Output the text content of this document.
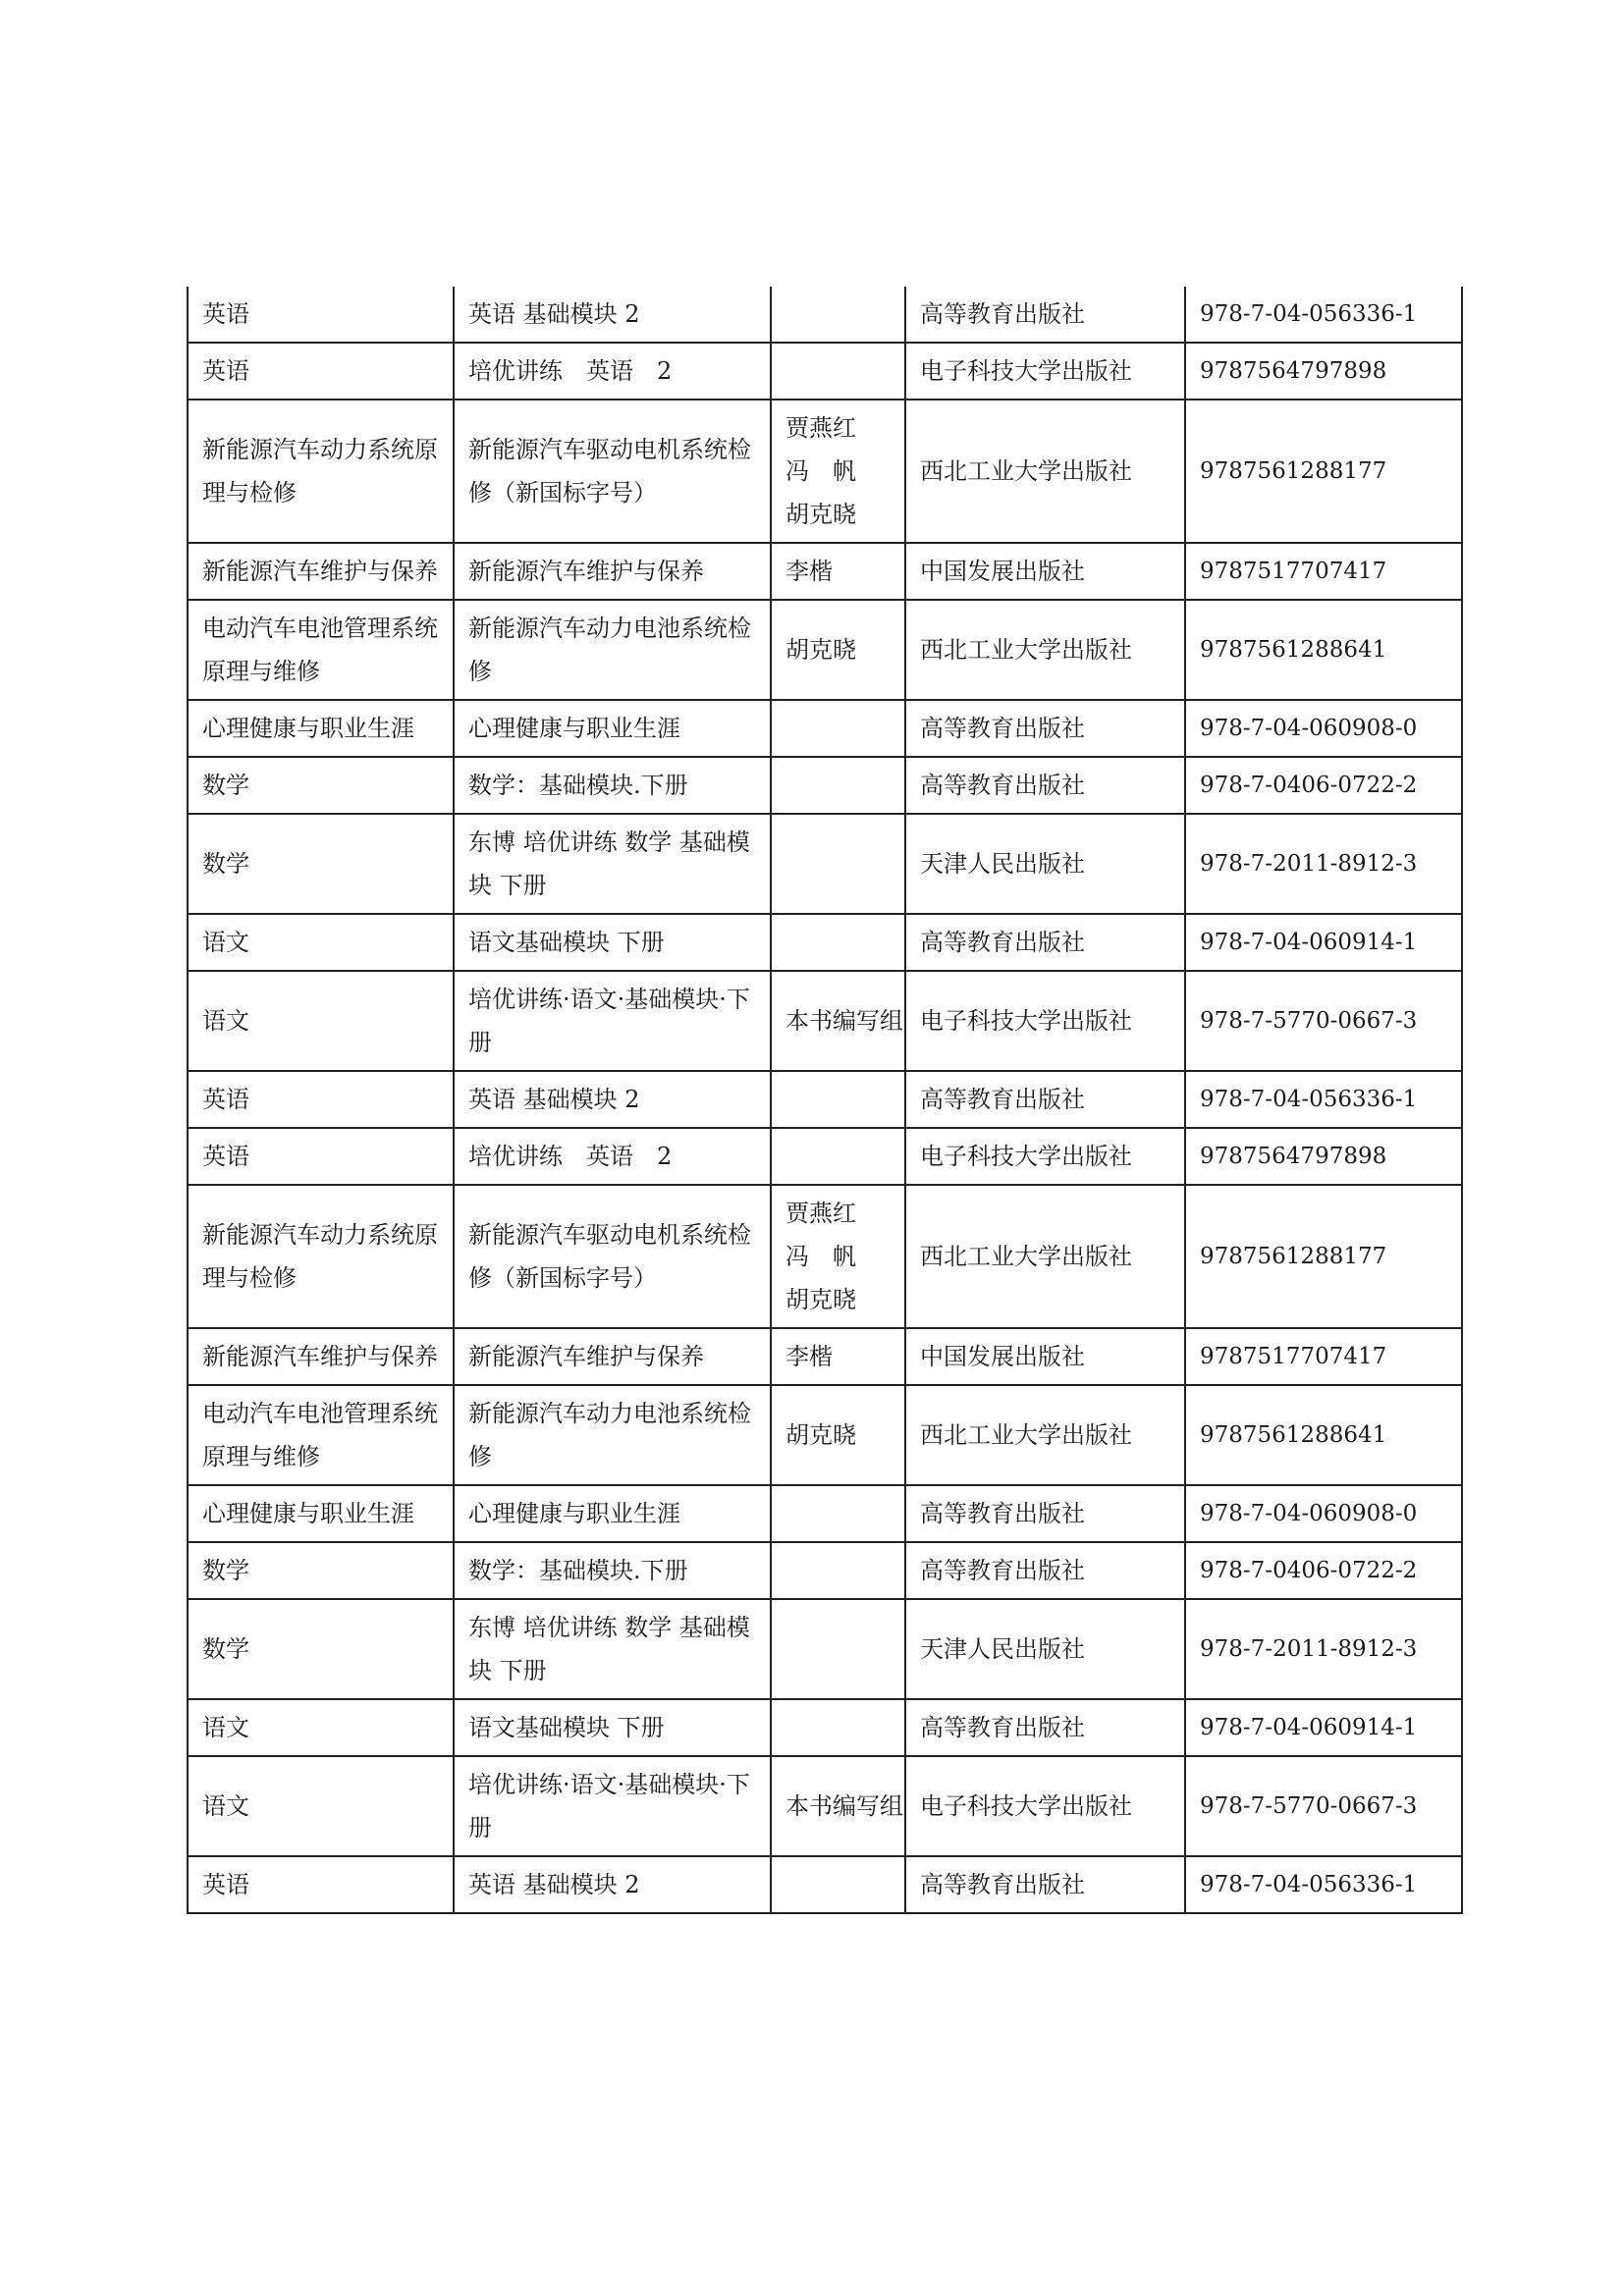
英语	英语 基础模块 2		高等教育出版社	978-7-04-056336-1
英语	培优讲练　英语　2		电子科技大学出版社	9787564797898
新能源汽车动力系统原理与检修	新能源汽车驱动电机系统检修（新国标字号）	贾燕红
冯　帆
胡克晓	西北工业大学出版社	9787561288177
新能源汽车维护与保养	新能源汽车维护与保养	李楷	中国发展出版社	9787517707417
电动汽车电池管理系统原理与维修	新能源汽车动力电池系统检修	胡克晓	西北工业大学出版社	9787561288641
心理健康与职业生涯	心理健康与职业生涯		高等教育出版社	978-7-04-060908-0
数学	数学：基础模块.下册		高等教育出版社	978-7-0406-0722-2
数学	东博 培优讲练 数学 基础模块 下册		天津人民出版社	978-7-2011-8912-3
语文	语文基础模块 下册		高等教育出版社	978-7-04-060914-1
语文	培优讲练·语文·基础模块·下册	本书编写组	电子科技大学出版社	978-7-5770-0667-3
英语	英语 基础模块 2		高等教育出版社	978-7-04-056336-1
英语	培优讲练　英语　2		电子科技大学出版社	9787564797898
新能源汽车动力系统原理与检修	新能源汽车驱动电机系统检修（新国标字号）	贾燕红
冯　帆
胡克晓	西北工业大学出版社	9787561288177
新能源汽车维护与保养	新能源汽车维护与保养	李楷	中国发展出版社	9787517707417
电动汽车电池管理系统原理与维修	新能源汽车动力电池系统检修	胡克晓	西北工业大学出版社	9787561288641
心理健康与职业生涯	心理健康与职业生涯		高等教育出版社	978-7-04-060908-0
数学	数学：基础模块.下册		高等教育出版社	978-7-0406-0722-2
数学	东博 培优讲练 数学 基础模块 下册		天津人民出版社	978-7-2011-8912-3
语文	语文基础模块 下册		高等教育出版社	978-7-04-060914-1
语文	培优讲练·语文·基础模块·下册	本书编写组	电子科技大学出版社	978-7-5770-0667-3
英语	英语 基础模块 2		高等教育出版社	978-7-04-056336-1
